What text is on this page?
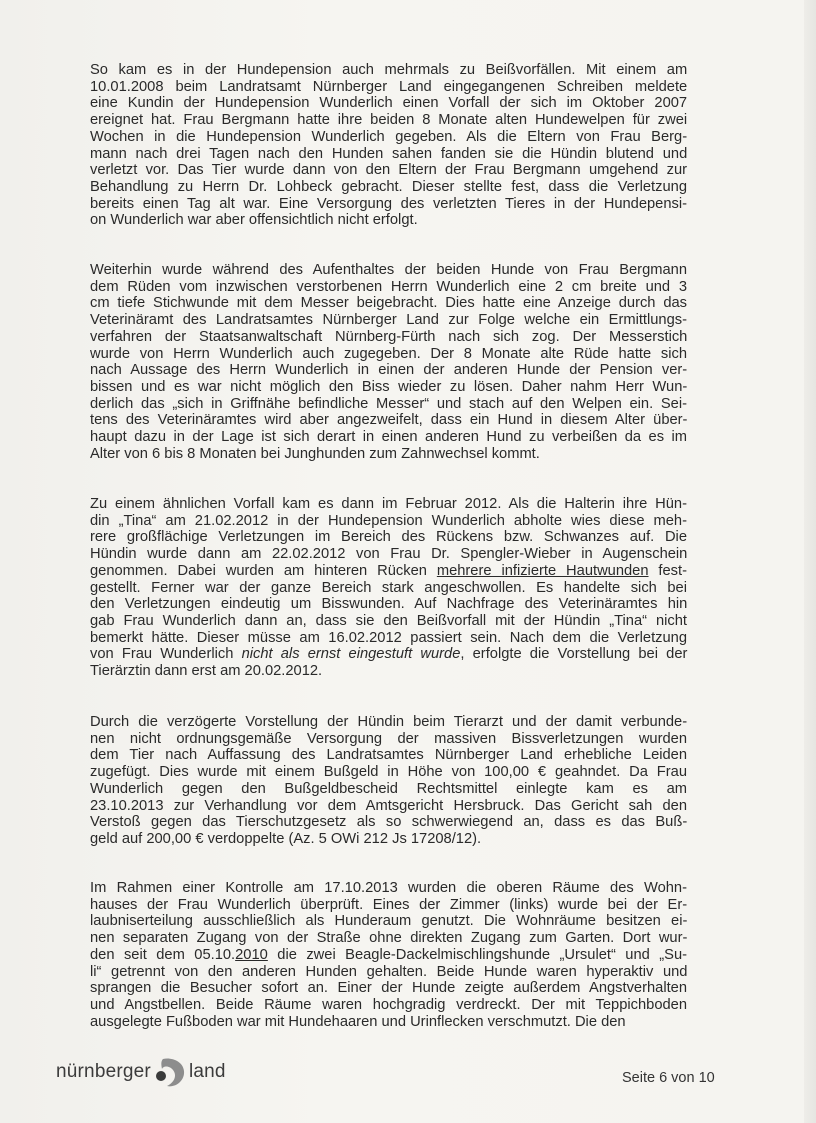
So kam es in der Hundepension auch mehrmals zu Beißvorfällen. Mit einem am
10.01.2008 beim Landratsamt Nürnberger Land eingegangenen Schreiben meldete
eine Kundin der Hundepension Wunderlich einen Vorfall der sich im Oktober 2007
ereignet hat. Frau Bergmann hatte ihre beiden 8 Monate alten Hundewelpen für zwei
Wochen in die Hundepension Wunderlich gegeben. Als die Eltern von Frau Berg-
mann nach drei Tagen nach den Hunden sahen fanden sie die Hündin blutend und
verletzt vor. Das Tier wurde dann von den Eltern der Frau Bergmann umgehend zur
Behandlung zu Herrn Dr. Lohbeck gebracht. Dieser stellte fest, dass die Verletzung
bereits einen Tag alt war. Eine Versorgung des verletzten Tieres in der Hundepensi-
on Wunderlich war aber offensichtlich nicht erfolgt.
Weiterhin wurde während des Aufenthaltes der beiden Hunde von Frau Bergmann
dem Rüden vom inzwischen verstorbenen Herrn Wunderlich eine 2 cm breite und 3
cm tiefe Stichwunde mit dem Messer beigebracht. Dies hatte eine Anzeige durch das
Veterinäramt des Landratsamtes Nürnberger Land zur Folge welche ein Ermittlungs-
verfahren der Staatsanwaltschaft Nürnberg-Fürth nach sich zog. Der Messerstich
wurde von Herrn Wunderlich auch zugegeben. Der 8 Monate alte Rüde hatte sich
nach Aussage des Herrn Wunderlich in einen der anderen Hunde der Pension ver-
bissen und es war nicht möglich den Biss wieder zu lösen. Daher nahm Herr Wun-
derlich das „sich in Griffnähe befindliche Messer“ und stach auf den Welpen ein. Sei-
tens des Veterinäramtes wird aber angezweifelt, dass ein Hund in diesem Alter über-
haupt dazu in der Lage ist sich derart in einen anderen Hund zu verbeißen da es im
Alter von 6 bis 8 Monaten bei Junghunden zum Zahnwechsel kommt.
Zu einem ähnlichen Vorfall kam es dann im Februar 2012. Als die Halterin ihre Hün-
din „Tina“ am 21.02.2012 in der Hundepension Wunderlich abholte wies diese meh-
rere großflächige Verletzungen im Bereich des Rückens bzw. Schwanzes auf. Die
Hündin wurde dann am 22.02.2012 von Frau Dr. Spengler-Wieber in Augenschein
genommen. Dabei wurden am hinteren Rücken mehrere infizierte Hautwunden fest-
gestellt. Ferner war der ganze Bereich stark angeschwollen. Es handelte sich bei
den Verletzungen eindeutig um Bisswunden. Auf Nachfrage des Veterinäramtes hin
gab Frau Wunderlich dann an, dass sie den Beißvorfall mit der Hündin „Tina“ nicht
bemerkt hätte. Dieser müsse am 16.02.2012 passiert sein. Nach dem die Verletzung
von Frau Wunderlich nicht als ernst eingestuft wurde, erfolgte die Vorstellung bei der
Tierärztin dann erst am 20.02.2012.
Durch die verzögerte Vorstellung der Hündin beim Tierarzt und der damit verbunde-
nen nicht ordnungsgemäße Versorgung der massiven Bissverletzungen wurden
dem Tier nach Auffassung des Landratsamtes Nürnberger Land erhebliche Leiden
zugefügt. Dies wurde mit einem Bußgeld in Höhe von 100,00 € geahndet. Da Frau
Wunderlich gegen den Bußgeldbescheid Rechtsmittel einlegte kam es am
23.10.2013 zur Verhandlung vor dem Amtsgericht Hersbruck. Das Gericht sah den
Verstoß gegen das Tierschutzgesetz als so schwerwiegend an, dass es das Buß-
geld auf 200,00 € verdoppelte (Az. 5 OWi 212 Js 17208/12).
Im Rahmen einer Kontrolle am 17.10.2013 wurden die oberen Räume des Wohn-
hauses der Frau Wunderlich überprüft. Eines der Zimmer (links) wurde bei der Er-
laubniserteilung ausschließlich als Hunderaum genutzt. Die Wohnräume besitzen ei-
nen separaten Zugang von der Straße ohne direkten Zugang zum Garten. Dort wur-
den seit dem 05.10.2010 die zwei Beagle-Dackelmischlingshunde „Ursulet“ und „Su-
li“ getrennt von den anderen Hunden gehalten. Beide Hunde waren hyperaktiv und
sprangen die Besucher sofort an. Einer der Hunde zeigte außerdem Angstverhalten
und Angstbellen. Beide Räume waren hochgradig verdreckt. Der mit Teppichboden
ausgelegte Fußboden war mit Hundehaaren und Urinflecken verschmutzt. Die den
nürnberger land	Seite 6 von 10
